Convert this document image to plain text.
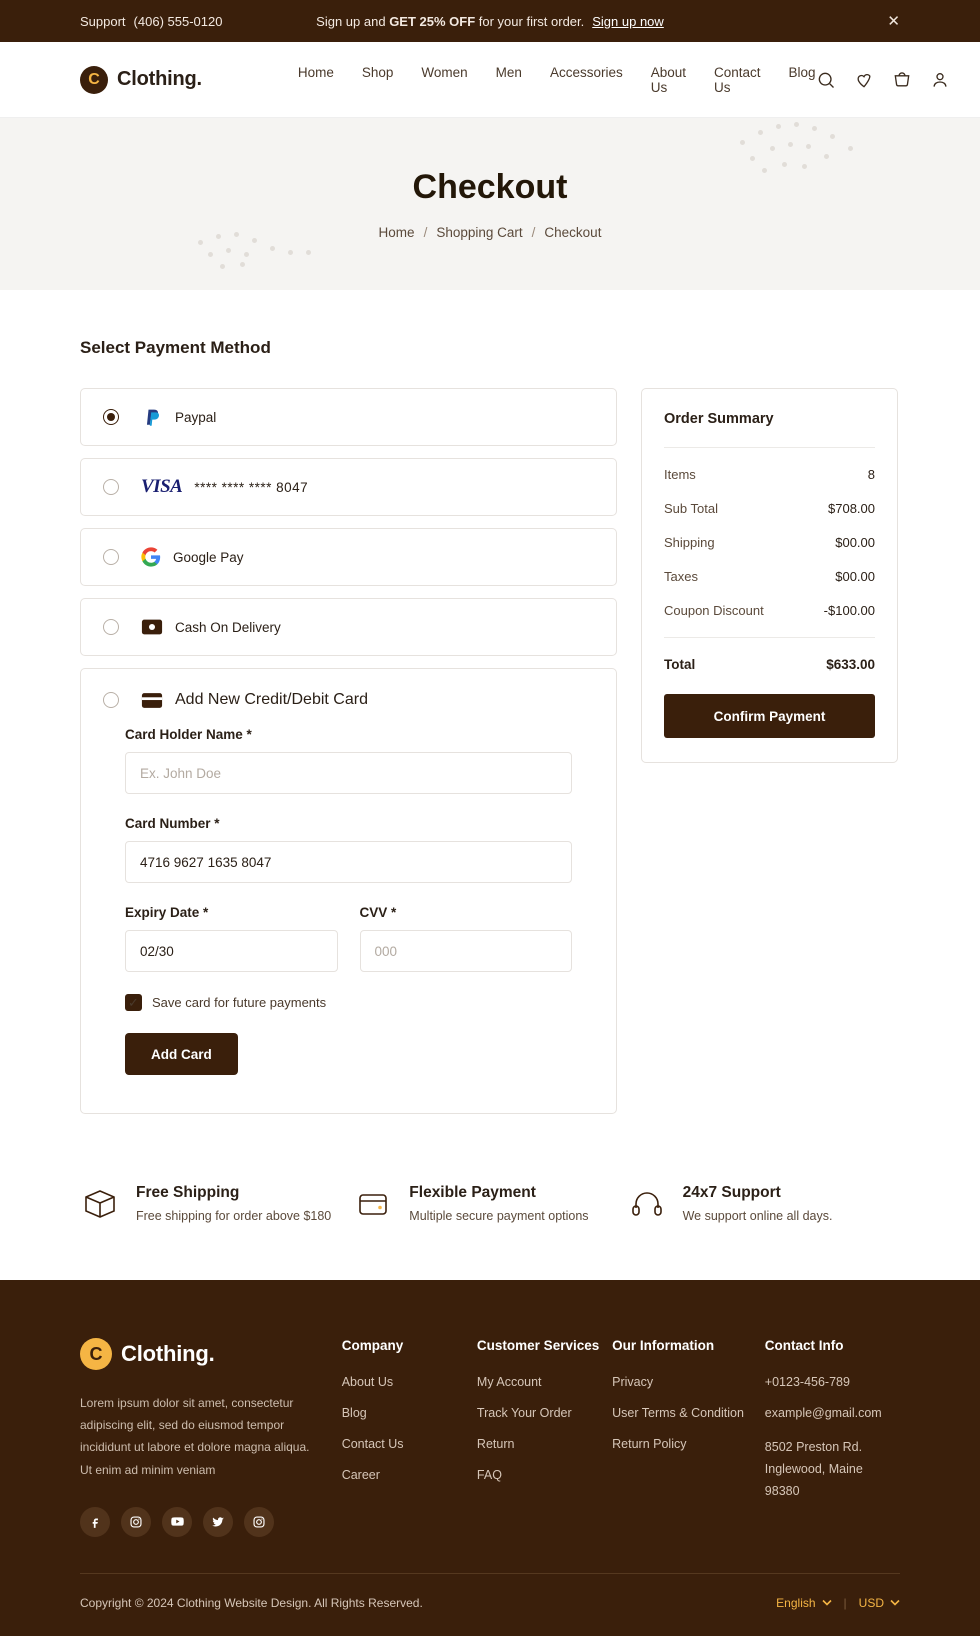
Support (406) 555-0120	Sign up and GET 25% OFF for your first order. Sign up now	✕
C Clothing.	Home Shop Women Men Accessories About Us
Contact Us
Blog
Checkout
Home / Shopping Cart / Checkout
Select Payment Method
Paypal
VISA **** **** **** 8047
Google Pay
Cash On Delivery
Add New Credit/Debit Card
Card Holder Name *
Ex. John Doe
Card Number *
4716 9627 1635 8047
Expiry Date *
02/30	CVV *
000
✓ Save card for future payments
Add Card
Order Summary
Items	8
Sub Total	$708.00
Shipping	$00.00
Taxes	$00.00
Coupon Discount	-$100.00
Total	$633.00
Confirm Payment
Free Shipping

Free shipping for order above $180

Flexible Payment

Multiple secure payment options

24x7 Support

We support online all days.

C Clothing.

Lorem ipsum dolor sit amet, consectetur adipiscing elit, sed do eiusmod tempor incididunt ut labore et dolore magna aliqua. Ut enim ad minim veniam

Company
About Us
Blog
Contact Us
Career
Customer Services
My Account
Track Your Order
Return
FAQ
Our Information
Privacy
User Terms & Condition
Return Policy
Contact Info
+0123-456-789
example@gmail.com
8502 Preston Rd. Inglewood, Maine 98380
Copyright © 2024 Clothing Website Design. All Rights Reserved.	English | USD
